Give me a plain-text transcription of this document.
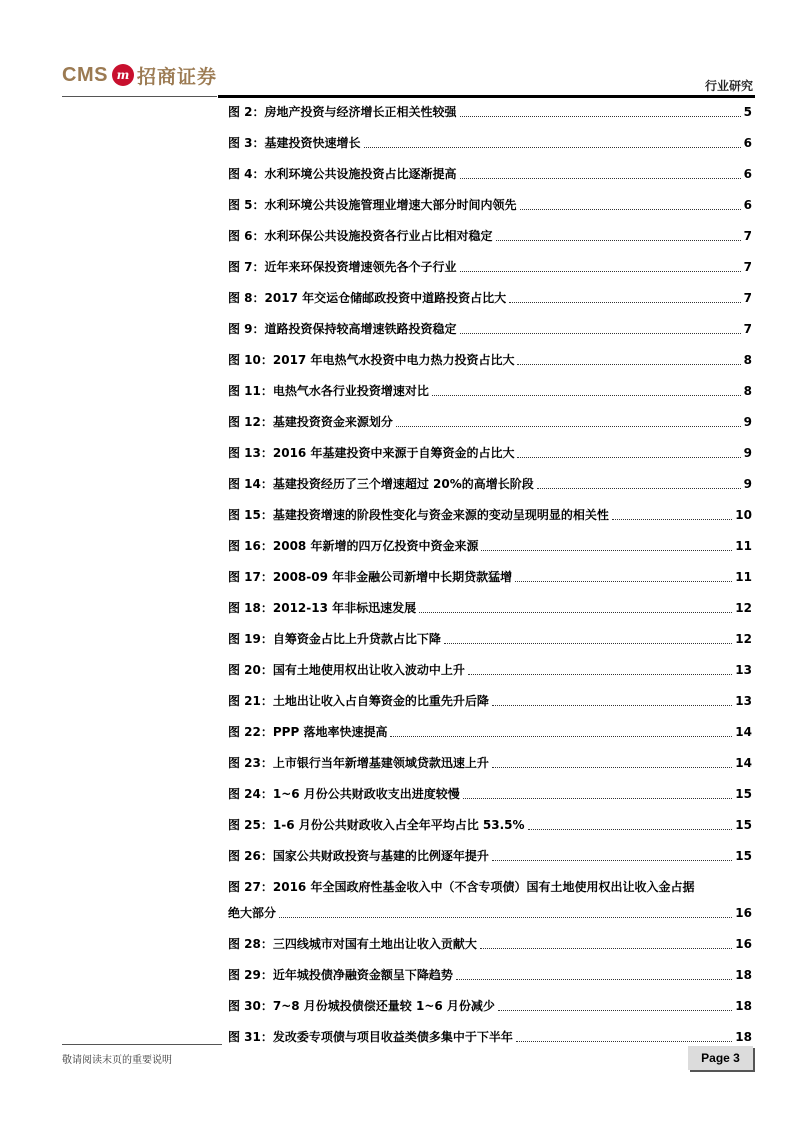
CMS m 招商证券	行业研究
图 2：房地产投资与经济增长正相关性较强	5
图 3：基建投资快速增长	6
图 4：水利环境公共设施投资占比逐渐提高	6
图 5：水利环境公共设施管理业增速大部分时间内领先	6
图 6：水利环保公共设施投资各行业占比相对稳定	7
图 7：近年来环保投资增速领先各个子行业	7
图 8：2017 年交运仓储邮政投资中道路投资占比大	7
图 9：道路投资保持较高增速铁路投资稳定	7
图 10：2017 年电热气水投资中电力热力投资占比大	8
图 11：电热气水各行业投资增速对比	8
图 12：基建投资资金来源划分	9
图 13：2016 年基建投资中来源于自筹资金的占比大	9
图 14：基建投资经历了三个增速超过 20%的高增长阶段	9
图 15：基建投资增速的阶段性变化与资金来源的变动呈现明显的相关性	10
图 16：2008 年新增的四万亿投资中资金来源	11
图 17：2008-09 年非金融公司新增中长期贷款猛增	11
图 18：2012-13 年非标迅速发展	12
图 19：自筹资金占比上升贷款占比下降	12
图 20：国有土地使用权出让收入波动中上升	13
图 21：土地出让收入占自筹资金的比重先升后降	13
图 22：PPP 落地率快速提高	14
图 23：上市银行当年新增基建领域贷款迅速上升	14
图 24：1~6 月份公共财政收支出进度较慢	15
图 25：1-6 月份公共财政收入占全年平均占比 53.5%	15
图 26：国家公共财政投资与基建的比例逐年提升	15
图 27：2016 年全国政府性基金收入中（不含专项债）国有土地使用权出让收入金占据
绝大部分	16
图 28：三四线城市对国有土地出让收入贡献大	16
图 29：近年城投债净融资金额呈下降趋势	18
图 30：7~8 月份城投债偿还量较 1~6 月份减少	18
图 31：发改委专项债与项目收益类债多集中于下半年	18
敬请阅读末页的重要说明	Page 3
